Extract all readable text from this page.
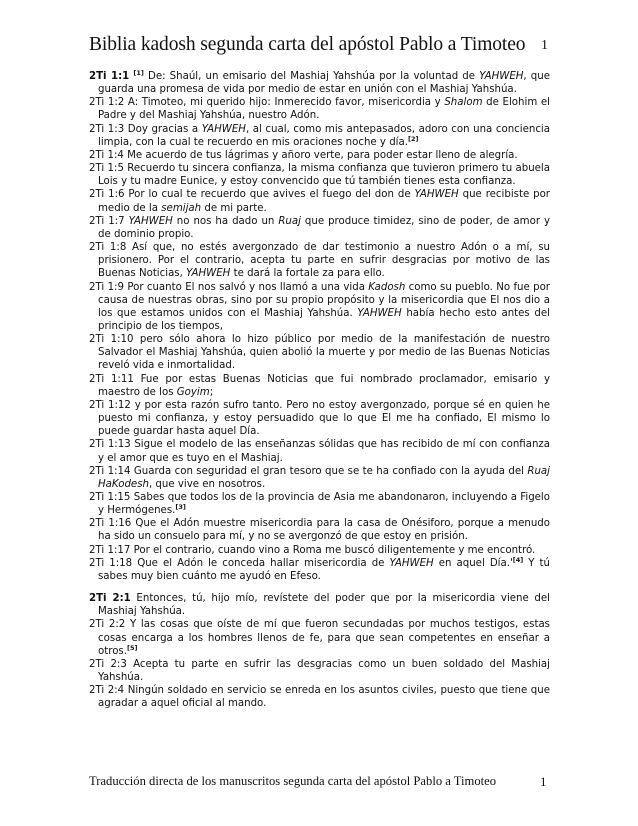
Biblia kadosh segunda carta del apóstol Pablo a Timoteo 1

2Ti 1:1 [1] De: Shaúl, un emisario del Mashiaj Yahshúa por la voluntad de YAHWEH, que guarda una promesa de vida por medio de estar en unión con el Mashiaj Yahshúa.

2Ti 1:2 A: Timoteo, mi querido hijo: Inmerecido favor, misericordia y Shalom de Elohim el Padre y del Mashiaj Yahshúa, nuestro Adón.

2Ti 1:3 Doy gracias a YAHWEH, al cual, como mis antepasados, adoro con una conciencia limpia, con la cual te recuerdo en mis oraciones noche y día.[2]

2Ti 1:4 Me acuerdo de tus lágrimas y añoro verte, para poder estar lleno de alegría.

2Ti 1:5 Recuerdo tu sincera confianza, la misma confianza que tuvieron primero tu abuela Lois y tu madre Eunice, y estoy convencido que tú también tienes esta confianza.

2Ti 1:6 Por lo cual te recuerdo que avives el fuego del don de YAHWEH que recibiste por medio de la semijah de mi parte.

2Ti 1:7 YAHWEH no nos ha dado un Ruaj que produce timidez, sino de poder, de amor y de dominio propio.

2Ti 1:8 Así que, no estés avergonzado de dar testimonio a nuestro Adón o a mí, su prisionero. Por el contrario, acepta tu parte en sufrir desgracias por motivo de las Buenas Noticias, YAHWEH te dará la fortale za para ello.

2Ti 1:9 Por cuanto El nos salvó y nos llamó a una vida Kadosh como su pueblo. No fue por causa de nuestras obras, sino por su propio propósito y la misericordia que El nos dio a los que estamos unidos con el Mashiaj Yahshúa. YAHWEH había hecho esto antes del principio de los tiempos,

2Ti 1:10 pero sólo ahora lo hizo público por medio de la manifestación de nuestro Salvador el Mashiaj Yahshúa, quien abolió la muerte y por medio de las Buenas Noticias reveló vida e inmortalidad.

2Ti 1:11 Fue por estas Buenas Noticias que fui nombrado proclamador, emisario y maestro de los Goyim;

2Ti 1:12 y por esta razón sufro tanto. Pero no estoy avergonzado, porque sé en quien he puesto mi confianza, y estoy persuadido que lo que El me ha confiado, El mismo lo puede guardar hasta aquel Día.

2Ti 1:13 Sigue el modelo de las enseñanzas sólidas que has recibido de mí con confianza y el amor que es tuyo en el Mashiaj.

2Ti 1:14 Guarda con seguridad el gran tesoro que se te ha confiado con la ayuda del Ruaj HaKodesh, que vive en nosotros.

2Ti 1:15 Sabes que todos los de la provincia de Asia me abandonaron, incluyendo a Figelo y Hermógenes.[3]

2Ti 1:16 Que el Adón muestre misericordia para la casa de Onésiforo, porque a menudo ha sido un consuelo para mí, y no se avergonzó de que estoy en prisión.

2Ti 1:17 Por el contrario, cuando vino a Roma me buscó diligentemente y me encontró.

2Ti 1:18 Que el Adón le conceda hallar misericordia de YAHWEH en aquel Día.'[4] Y tú sabes muy bien cuánto me ayudó en Efeso.

2Ti 2:1 Entonces, tú, hijo mío, revístete del poder que por la misericordia viene del Mashiaj Yahshúa.

2Ti 2:2 Y las cosas que oíste de mí que fueron secundadas por muchos testigos, estas cosas encarga a los hombres llenos de fe, para que sean competentes en enseñar a otros.[5]

2Ti 2:3 Acepta tu parte en sufrir las desgracias como un buen soldado del Mashiaj Yahshúa.

2Ti 2:4 Ningún soldado en servicio se enreda en los asuntos civiles, puesto que tiene que agradar a aquel oficial al mando.

Traducción directa de los manuscritos segunda carta del apóstol Pablo a Timoteo	1
